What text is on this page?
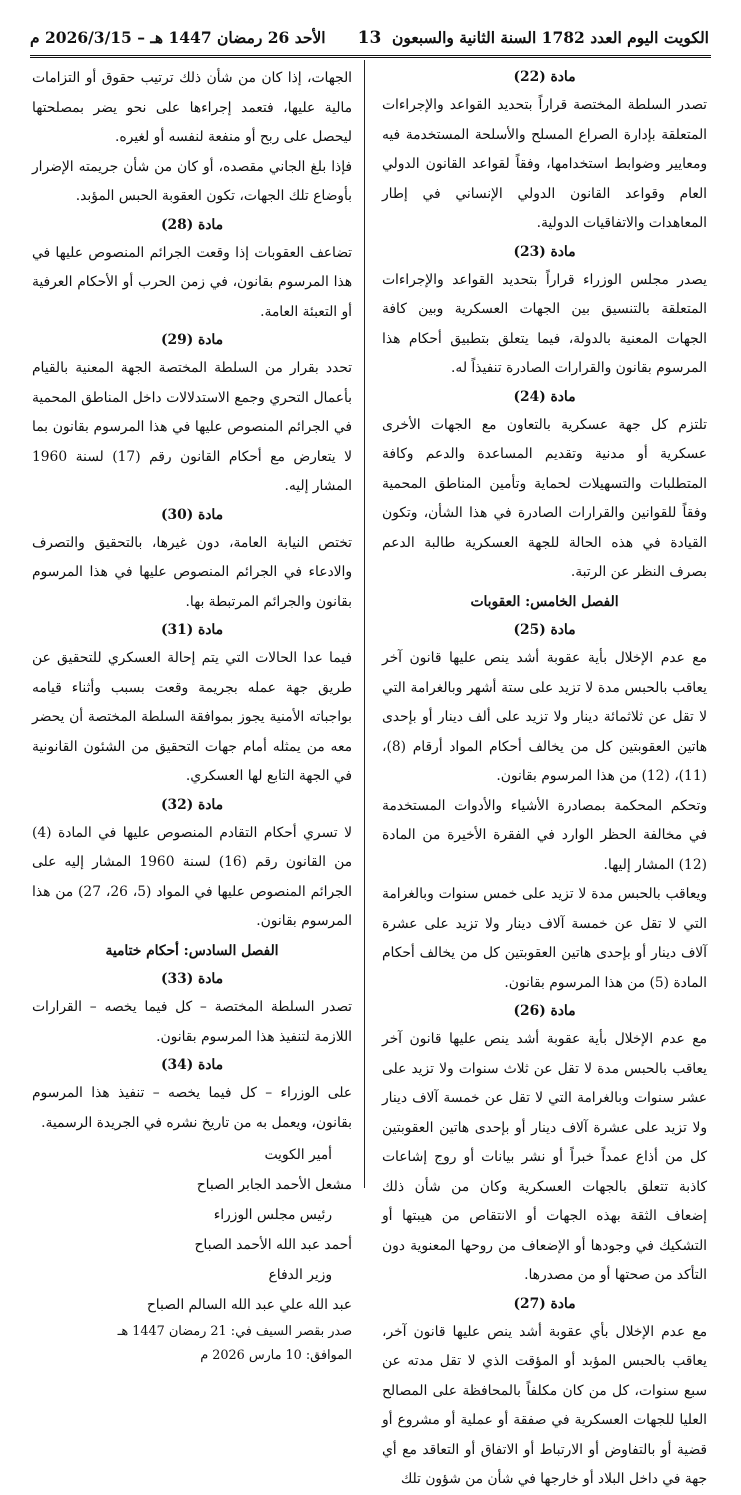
الكويت اليوم العدد 1782 السنة الثانية والسبعون
13
الأحد 26 رمضان 1447 هـ – 2026/3/15 م

مادة (22)

تصدر السلطة المختصة قراراً بتحديد القواعد والإجراءات المتعلقة بإدارة الصراع المسلح والأسلحة المستخدمة فيه ومعايير وضوابط استخدامها، وفقاً لقواعد القانون الدولي العام وقواعد القانون الدولي الإنساني في إطار المعاهدات والاتفاقيات الدولية.

مادة (23)

يصدر مجلس الوزراء قراراً بتحديد القواعد والإجراءات المتعلقة بالتنسيق بين الجهات العسكرية وبين كافة الجهات المعنية بالدولة، فيما يتعلق بتطبيق أحكام هذا المرسوم بقانون والقرارات الصادرة تنفيذاً له.

مادة (24)

تلتزم كل جهة عسكرية بالتعاون مع الجهات الأخرى عسكرية أو مدنية وتقديم المساعدة والدعم وكافة المتطلبات والتسهيلات لحماية وتأمين المناطق المحمية وفقاً للقوانين والقرارات الصادرة في هذا الشأن، وتكون القيادة في هذه الحالة للجهة العسكرية طالبة الدعم بصرف النظر عن الرتبة.

الفصل الخامس: العقوبات

مادة (25)

مع عدم الإخلال بأية عقوبة أشد ينص عليها قانون آخر يعاقب بالحبس مدة لا تزيد على ستة أشهر وبالغرامة التي لا تقل عن ثلاثمائة دينار ولا تزيد على ألف دينار أو بإحدى هاتين العقوبتين كل من يخالف أحكام المواد أرقام (8)، (11)، (12) من هذا المرسوم بقانون.

وتحكم المحكمة بمصادرة الأشياء والأدوات المستخدمة في مخالفة الحظر الوارد في الفقرة الأخيرة من المادة (12) المشار إليها.

ويعاقب بالحبس مدة لا تزيد على خمس سنوات وبالغرامة التي لا تقل عن خمسة آلاف دينار ولا تزيد على عشرة آلاف دينار أو بإحدى هاتين العقوبتين كل من يخالف أحكام المادة (5) من هذا المرسوم بقانون.

مادة (26)

مع عدم الإخلال بأية عقوبة أشد ينص عليها قانون آخر يعاقب بالحبس مدة لا تقل عن ثلاث سنوات ولا تزيد على عشر سنوات وبالغرامة التي لا تقل عن خمسة آلاف دينار ولا تزيد على عشرة آلاف دينار أو بإحدى هاتين العقوبتين كل من أذاع عمداً خبراً أو نشر بيانات أو روج إشاعات كاذبة تتعلق بالجهات العسكرية وكان من شأن ذلك إضعاف الثقة بهذه الجهات أو الانتقاص من هيبتها أو التشكيك في وجودها أو الإضعاف من روحها المعنوية دون التأكد من صحتها أو من مصدرها.

مادة (27)

مع عدم الإخلال بأي عقوبة أشد ينص عليها قانون آخر، يعاقب بالحبس المؤبد أو المؤقت الذي لا تقل مدته عن سبع سنوات، كل من كان مكلفاً بالمحافظة على المصالح العليا للجهات العسكرية في صفقة أو عملية أو مشروع أو قضية أو بالتفاوض أو الارتباط أو الاتفاق أو التعاقد مع أي جهة في داخل البلاد أو خارجها في شأن من شؤون تلك

الجهات، إذا كان من شأن ذلك ترتيب حقوق أو التزامات مالية عليها، فتعمد إجراءها على نحو يضر بمصلحتها ليحصل على ربح أو منفعة لنفسه أو لغيره.

فإذا بلغ الجاني مقصده، أو كان من شأن جريمته الإضرار بأوضاع تلك الجهات، تكون العقوبة الحبس المؤبد.

مادة (28)

تضاعف العقوبات إذا وقعت الجرائم المنصوص عليها في هذا المرسوم بقانون، في زمن الحرب أو الأحكام العرفية أو التعبئة العامة.

مادة (29)

تحدد بقرار من السلطة المختصة الجهة المعنية بالقيام بأعمال التحري وجمع الاستدلالات داخل المناطق المحمية في الجرائم المنصوص عليها في هذا المرسوم بقانون بما لا يتعارض مع أحكام القانون رقم (17) لسنة 1960 المشار إليه.

مادة (30)

تختص النيابة العامة، دون غيرها، بالتحقيق والتصرف والادعاء في الجرائم المنصوص عليها في هذا المرسوم بقانون والجرائم المرتبطة بها.

مادة (31)

فيما عدا الحالات التي يتم إحالة العسكري للتحقيق عن طريق جهة عمله بجريمة وقعت بسبب وأثناء قيامه بواجباته الأمنية يجوز بموافقة السلطة المختصة أن يحضر معه من يمثله أمام جهات التحقيق من الشئون القانونية في الجهة التابع لها العسكري.

مادة (32)

لا تسري أحكام التقادم المنصوص عليها في المادة (4) من القانون رقم (16) لسنة 1960 المشار إليه على الجرائم المنصوص عليها في المواد (5، 26، 27) من هذا المرسوم بقانون.

الفصل السادس: أحكام ختامية

مادة (33)

تصدر السلطة المختصة – كل فيما يخصه – القرارات اللازمة لتنفيذ هذا المرسوم بقانون.

مادة (34)

على الوزراء – كل فيما يخصه – تنفيذ هذا المرسوم بقانون، ويعمل به من تاريخ نشره في الجريدة الرسمية.

أمير الكويت

مشعل الأحمد الجابر الصباح

رئيس مجلس الوزراء

أحمد عبد الله الأحمد الصباح

وزير الدفاع

عبد الله علي عبد الله السالم الصباح

صدر بقصر السيف في: 21 رمضان 1447 هـ

الموافق: 10 مارس 2026 م
